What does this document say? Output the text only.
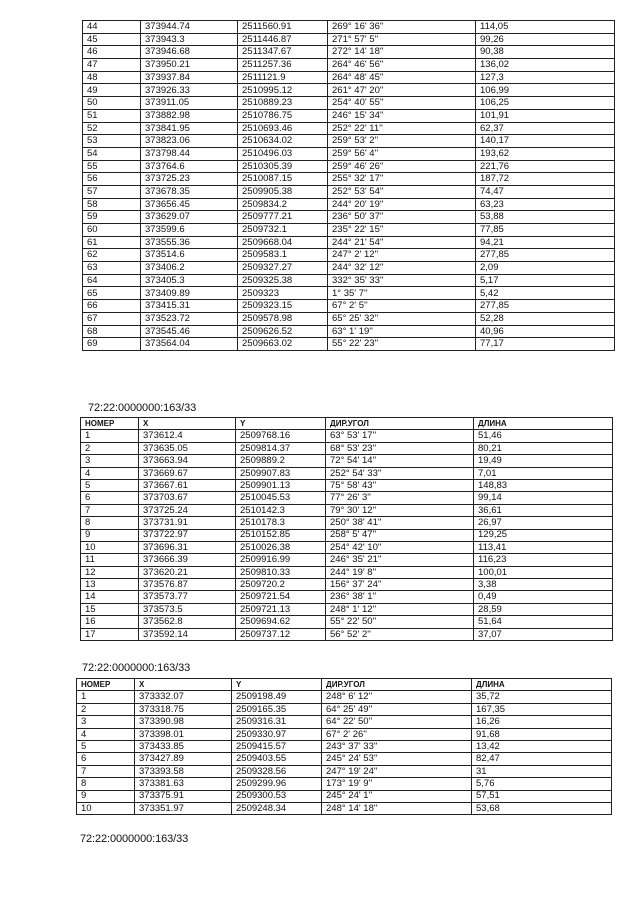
44	373944.74	2511560.91	269° 16' 36''	114,05
45	373943.3	2511446.87	271° 57' 5''	99,26
46	373946.68	2511347.67	272° 14' 18''	90,38
47	373950.21	2511257.36	264° 46' 56''	136,02
48	373937.84	2511121.9	264° 48' 45''	127,3
49	373926.33	2510995.12	261° 47' 20''	106,99
50	373911.05	2510889.23	254° 40' 55''	106,25
51	373882.98	2510786.75	246° 15' 34''	101,91
52	373841.95	2510693.46	252° 22' 11''	62,37
53	373823.06	2510634.02	259° 53' 2''	140,17
54	373798.44	2510496.03	259° 56' 4''	193,62
55	373764.6	2510305.39	259° 46' 26''	221,76
56	373725.23	2510087.15	255° 32' 17''	187,72
57	373678.35	2509905.38	252° 53' 54''	74,47
58	373656.45	2509834.2	244° 20' 19''	63,23
59	373629.07	2509777.21	236° 50' 37''	53,88
60	373599.6	2509732.1	235° 22' 15''	77,85
61	373555.36	2509668.04	244° 21' 54''	94,21
62	373514.6	2509583.1	247° 2' 12''	277,85
63	373406.2	2509327.27	244° 32' 12''	2,09
64	373405.3	2509325.38	332° 35' 33''	5,17
65	373409.89	2509323	1° 35' 7''	5,42
66	373415.31	2509323.15	67° 2' 5''	277,85
67	373523.72	2509578.98	65° 25' 32''	52,28
68	373545.46	2509626.52	63° 1' 19''	40,96
69	373564.04	2509663.02	55° 22' 23''	77,17
72:22:0000000:163/33
НОМЕР	X	Y	ДИР.УГОЛ	ДЛИНА
1	373612.4	2509768.16	63° 53' 17''	51,46
2	373635.05	2509814.37	68° 53' 23''	80,21
3	373663.94	2509889.2	72° 54' 14''	19,49
4	373669.67	2509907.83	252° 54' 33''	7,01
5	373667.61	2509901.13	75° 58' 43''	148,83
6	373703.67	2510045.53	77° 26' 3''	99,14
7	373725.24	2510142.3	79° 30' 12''	36,61
8	373731.91	2510178.3	250° 38' 41''	26,97
9	373722.97	2510152.85	258° 5' 47''	129,25
10	373696.31	2510026.38	254° 42' 10''	113,41
11	373666.39	2509916.99	246° 35' 21''	116,23
12	373620.21	2509810.33	244° 19' 8''	100,01
13	373576.87	2509720.2	156° 37' 24''	3,38
14	373573.77	2509721.54	236° 38' 1''	0,49
15	373573.5	2509721.13	248° 1' 12''	28,59
16	373562.8	2509694.62	55° 22' 50''	51,64
17	373592.14	2509737.12	56° 52' 2''	37,07
72:22:0000000:163/33
НОМЕР	X	Y	ДИР.УГОЛ	ДЛИНА
1	373332.07	2509198.49	248° 6' 12''	35,72
2	373318.75	2509165.35	64° 25' 49''	167,35
3	373390.98	2509316.31	64° 22' 50''	16,26
4	373398.01	2509330.97	67° 2' 26''	91,68
5	373433.85	2509415.57	243° 37' 33''	13,42
6	373427.89	2509403.55	245° 24' 53''	82,47
7	373393.58	2509328.56	247° 19' 24''	31
8	373381.63	2509299.96	173° 19' 9''	5,76
9	373375.91	2509300.53	245° 24' 1''	57,51
10	373351.97	2509248.34	248° 14' 18''	53,68
72:22:0000000:163/33
